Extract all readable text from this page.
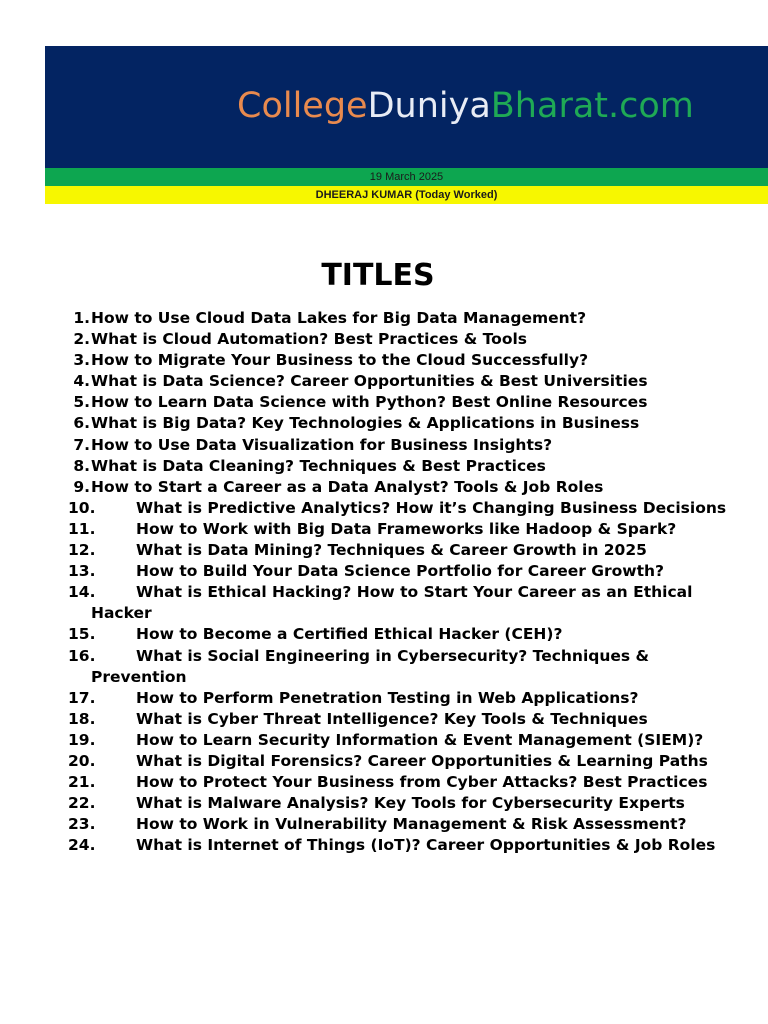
CollegeDuniyaBharat.com
19 March 2025
DHEERAJ KUMAR (Today Worked)
TITLES
1. How to Use Cloud Data Lakes for Big Data Management?
2. What is Cloud Automation? Best Practices & Tools
3. How to Migrate Your Business to the Cloud Successfully?
4. What is Data Science? Career Opportunities & Best Universities
5. How to Learn Data Science with Python? Best Online Resources
6. What is Big Data? Key Technologies & Applications in Business
7. How to Use Data Visualization for Business Insights?
8. What is Data Cleaning? Techniques & Best Practices
9. How to Start a Career as a Data Analyst? Tools & Job Roles
10.	What is Predictive Analytics? How it’s Changing Business Decisions
11.	How to Work with Big Data Frameworks like Hadoop & Spark?
12.	What is Data Mining? Techniques & Career Growth in 2025
13.	How to Build Your Data Science Portfolio for Career Growth?
14.	What is Ethical Hacking? How to Start Your Career as an Ethical Hacker
15.	How to Become a Certified Ethical Hacker (CEH)?
16.	What is Social Engineering in Cybersecurity? Techniques & Prevention
17.	How to Perform Penetration Testing in Web Applications?
18.	What is Cyber Threat Intelligence? Key Tools & Techniques
19.	How to Learn Security Information & Event Management (SIEM)?
20.	What is Digital Forensics? Career Opportunities & Learning Paths
21.	How to Protect Your Business from Cyber Attacks? Best Practices
22.	What is Malware Analysis? Key Tools for Cybersecurity Experts
23.	How to Work in Vulnerability Management & Risk Assessment?
24.	What is Internet of Things (IoT)? Career Opportunities & Job Roles
